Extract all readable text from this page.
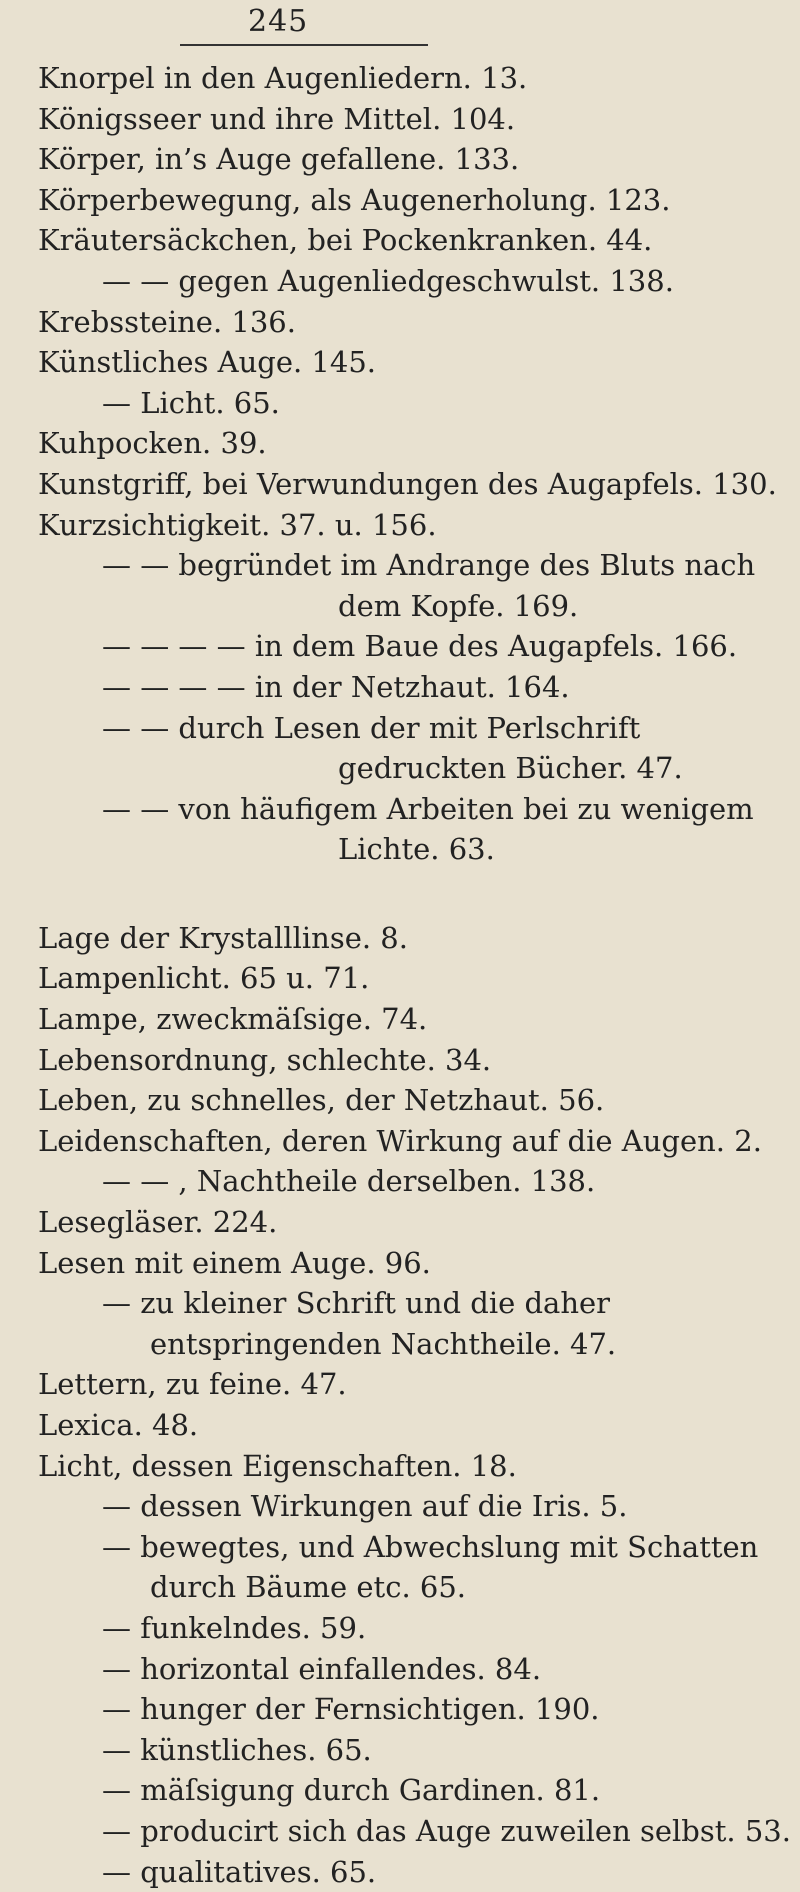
245
Knorpel in den Augenliedern. 13.
Königsseer und ihre Mittel. 104.
Körper, in’s Auge gefallene. 133.
Körperbewegung, als Augenerholung. 123.
Kräutersäckchen, bei Pockenkranken. 44.
— — gegen Augenliedgeschwulst. 138.
Krebssteine. 136.
Künstliches Auge. 145.
— Licht. 65.
Kuhpocken. 39.
Kunstgriff, bei Verwundungen des Augapfels. 130.
Kurzsichtigkeit. 37. u. 156.
— — begründet im Andrange des Bluts nach dem Kopfe. 169.
— — — — in dem Baue des Augapfels. 166.
— — — — in der Netzhaut. 164.
— — durch Lesen der mit Perlschrift gedruckten Bücher. 47.
— — von häufigem Arbeiten bei zu wenigem Lichte. 63.
Lage der Krystalllinse. 8.
Lampenlicht. 65 u. 71.
Lampe, zweckmäſsige. 74.
Lebensordnung, schlechte. 34.
Leben, zu schnelles, der Netzhaut. 56.
Leidenschaften, deren Wirkung auf die Augen. 2.
— — , Nachtheile derselben. 138.
Lesegläser. 224.
Lesen mit einem Auge. 96.
— zu kleiner Schrift und die daher entspringenden Nachtheile. 47.
Lettern, zu feine. 47.
Lexica. 48.
Licht, dessen Eigenschaften. 18.
— dessen Wirkungen auf die Iris. 5.
— bewegtes, und Abwechslung mit Schatten durch Bäume etc. 65.
— funkelndes. 59.
— horizontal einfallendes. 84.
— hunger der Fernsichtigen. 190.
— künstliches. 65.
— mäſsigung durch Gardinen. 81.
— producirt sich das Auge zuweilen selbst. 53.
— qualitatives. 65.
